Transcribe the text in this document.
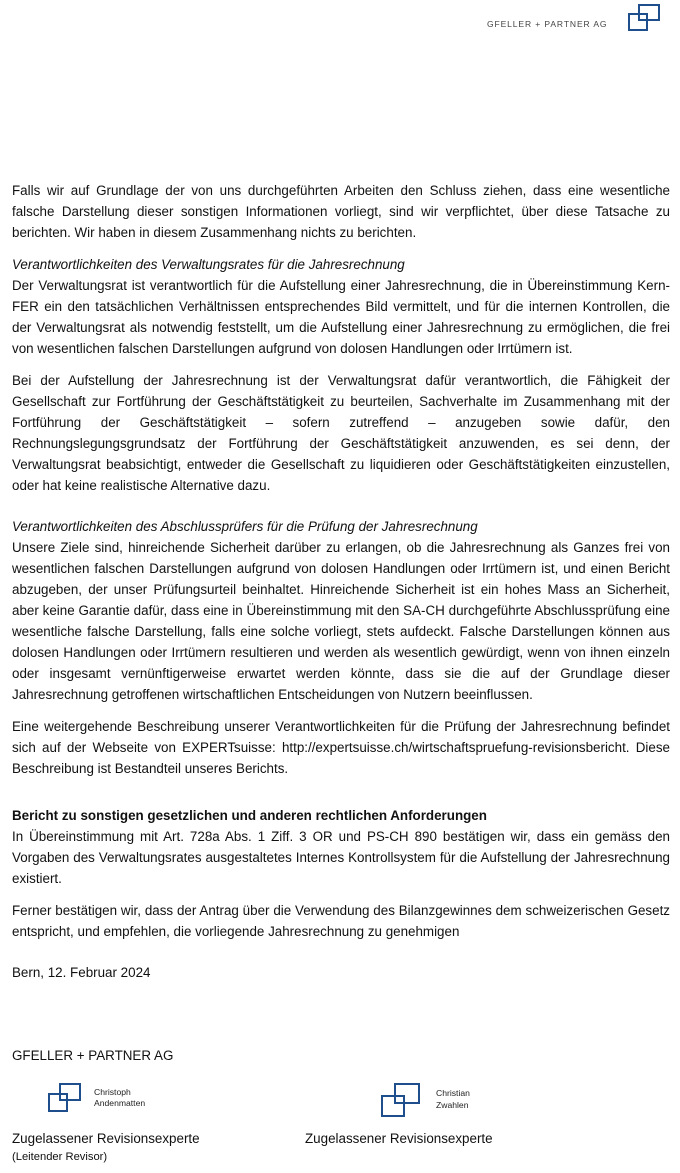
GFELLER + PARTNER AG

Falls wir auf Grundlage der von uns durchgeführten Arbeiten den Schluss ziehen, dass eine wesentliche falsche Darstellung dieser sonstigen Informationen vorliegt, sind wir verpflichtet, über diese Tatsache zu berichten. Wir haben in diesem Zusammenhang nichts zu berichten.

Verantwortlichkeiten des Verwaltungsrates für die Jahresrechnung

Der Verwaltungsrat ist verantwortlich für die Aufstellung einer Jahresrechnung, die in Übereinstimmung Kern-FER ein den tatsächlichen Verhältnissen entsprechendes Bild vermittelt, und für die internen Kontrollen, die der Verwaltungsrat als notwendig feststellt, um die Aufstellung einer Jahresrechnung zu ermöglichen, die frei von wesentlichen falschen Darstellungen aufgrund von dolosen Handlungen oder Irrtümern ist.

Bei der Aufstellung der Jahresrechnung ist der Verwaltungsrat dafür verantwortlich, die Fähigkeit der Gesellschaft zur Fortführung der Geschäftstätigkeit zu beurteilen, Sachverhalte im Zusammenhang mit der Fortführung der Geschäftstätigkeit – sofern zutreffend – anzugeben sowie dafür, den Rechnungslegungsgrundsatz der Fortführung der Geschäftstätigkeit anzuwenden, es sei denn, der Verwaltungsrat beabsichtigt, entweder die Gesellschaft zu liquidieren oder Geschäftstätigkeiten einzustellen, oder hat keine realistische Alternative dazu.

Verantwortlichkeiten des Abschlussprüfers für die Prüfung der Jahresrechnung

Unsere Ziele sind, hinreichende Sicherheit darüber zu erlangen, ob die Jahresrechnung als Ganzes frei von wesentlichen falschen Darstellungen aufgrund von dolosen Handlungen oder Irrtümern ist, und einen Bericht abzugeben, der unser Prüfungsurteil beinhaltet. Hinreichende Sicherheit ist ein hohes Mass an Sicherheit, aber keine Garantie dafür, dass eine in Übereinstimmung mit den SA-CH durchgeführte Abschlussprüfung eine wesentliche falsche Darstellung, falls eine solche vorliegt, stets aufdeckt. Falsche Darstellungen können aus dolosen Handlungen oder Irrtümern resultieren und werden als wesentlich gewürdigt, wenn von ihnen einzeln oder insgesamt vernünftigerweise erwartet werden könnte, dass sie die auf der Grundlage dieser Jahresrechnung getroffenen wirtschaftlichen Entscheidungen von Nutzern beeinflussen.

Eine weitergehende Beschreibung unserer Verantwortlichkeiten für die Prüfung der Jahresrechnung befindet sich auf der Webseite von EXPERTsuisse: http://expertsuisse.ch/wirtschaftspruefung-revisionsbericht. Diese Beschreibung ist Bestandteil unseres Berichts.

Bericht zu sonstigen gesetzlichen und anderen rechtlichen Anforderungen

In Übereinstimmung mit Art. 728a Abs. 1 Ziff. 3 OR und PS-CH 890 bestätigen wir, dass ein gemäss den Vorgaben des Verwaltungsrates ausgestaltetes Internes Kontrollsystem für die Aufstellung der Jahresrechnung existiert.

Ferner bestätigen wir, dass der Antrag über die Verwendung des Bilanzgewinnes dem schweizerischen Gesetz entspricht, und empfehlen, die vorliegende Jahresrechnung zu genehmigen

Bern, 12. Februar 2024
GFELLER + PARTNER AG
Christoph
Andenmatten
Zugelassener Revisionsexperte
(Leitender Revisor)
Christian
Zwahlen
Zugelassener Revisionsexperte
